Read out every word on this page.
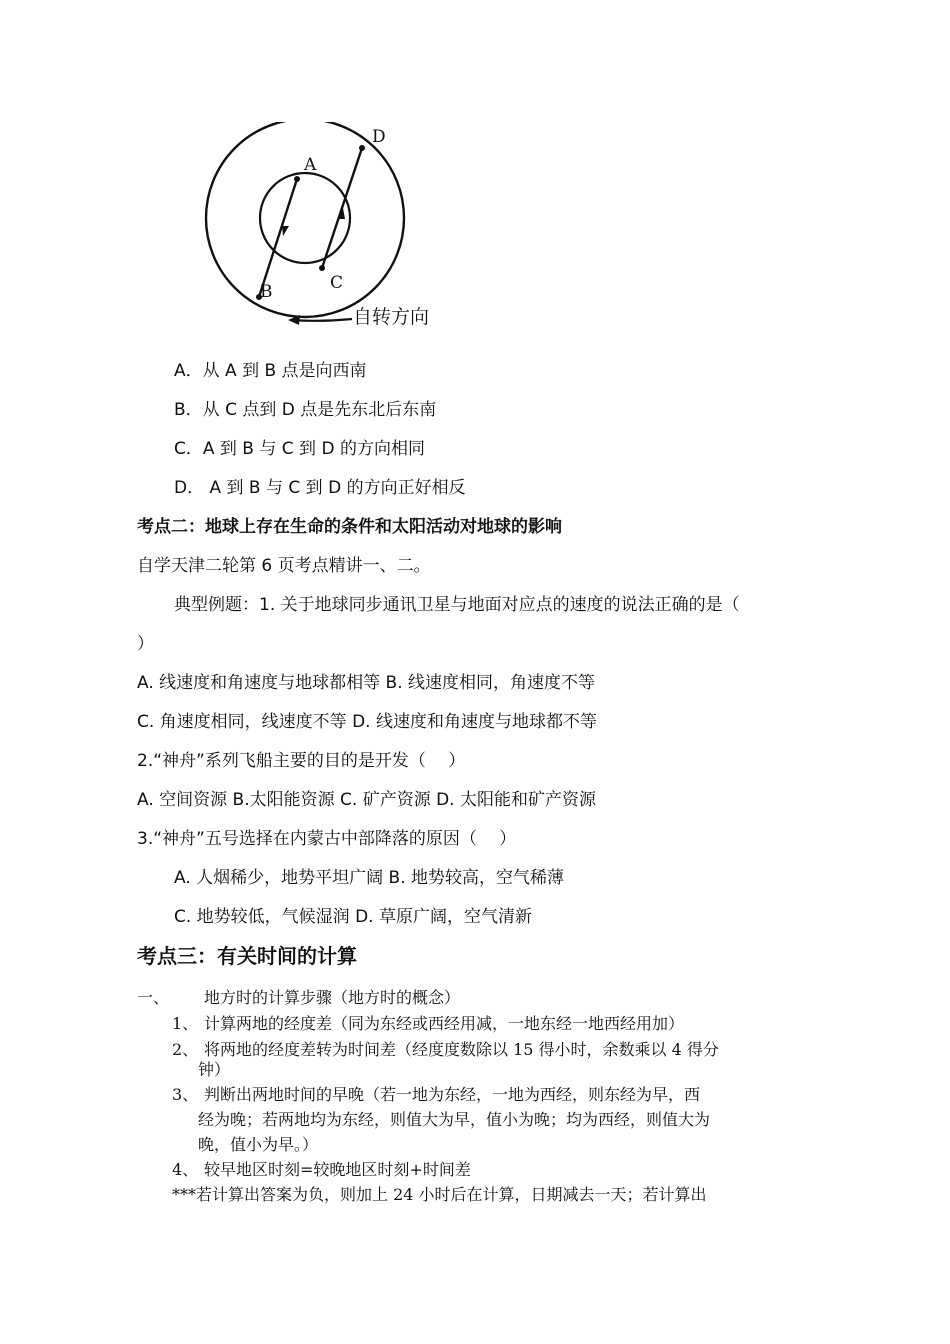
A
B	C
D
自转方向
A．从 A 到 B 点是向西南
B．从 C 点到 D 点是先东北后东南
C．A 到 B 与 C 到 D 的方向相同
D． A 到 B 与 C 到 D 的方向正好相反
考点二：地球上存在生命的条件和太阳活动对地球的影响
自学天津二轮第 6 页考点精讲一、二。
典型例题：1. 关于地球同步通讯卫星与地面对应点的速度的说法正确的是（
）
A. 线速度和角速度与地球都相等 B. 线速度相同，角速度不等
C. 角速度相同，线速度不等 D. 线速度和角速度与地球都不等
2.“神舟”系列飞船主要的目的是开发（　 ）
A. 空间资源 B.太阳能资源 C. 矿产资源 D. 太阳能和矿产资源
3.“神舟”五号选择在内蒙古中部降落的原因（　 ）
A. 人烟稀少，地势平坦广阔 B. 地势较高，空气稀薄
C. 地势较低，气候湿润 D. 草原广阔，空气清新
考点三：有关时间的计算
一、 地方时的计算步骤（地方时的概念）
1、 计算两地的经度差（同为东经或西经用减，一地东经一地西经用加）
2、 将两地的经度差转为时间差（经度度数除以 15 得小时，余数乘以 4 得分
钟）
3、 判断出两地时间的早晚（若一地为东经，一地为西经，则东经为早，西
经为晚；若两地均为东经，则值大为早，值小为晚；均为西经，则值大为
晚，值小为早。）
4、 较早地区时刻=较晚地区时刻+时间差
***若计算出答案为负，则加上 24 小时后在计算，日期减去一天；若计算出
